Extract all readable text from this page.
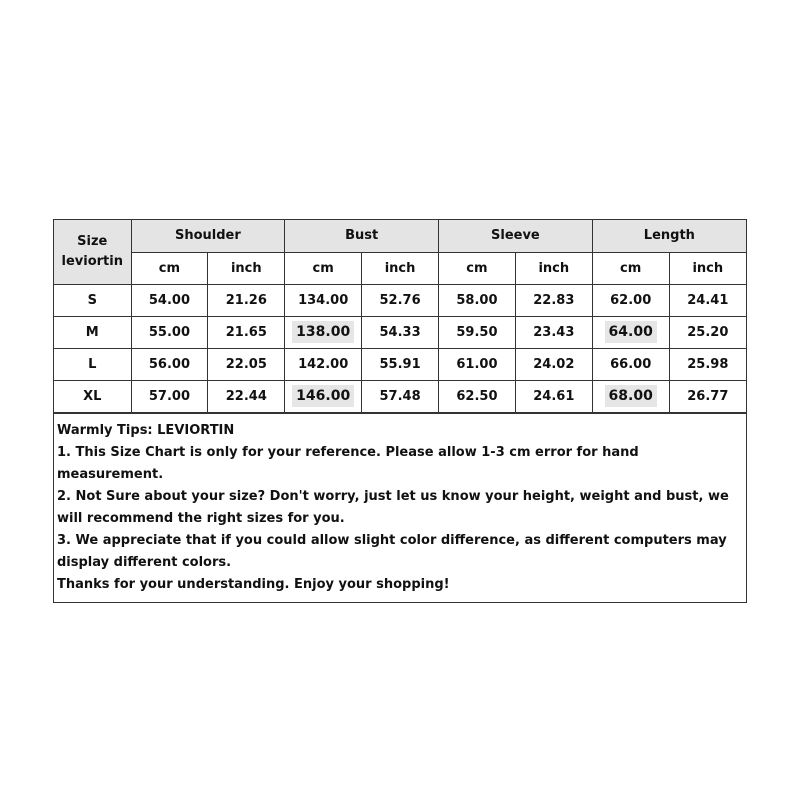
Size
leviortin	Shoulder		Bust		Sleeve		Length	
	cm	inch	cm	inch	cm	inch	cm	inch
S	54.00	21.26	134.00	52.76	58.00	22.83	62.00	24.41
M	55.00	21.65	138.00	54.33	59.50	23.43	64.00	25.20
L	56.00	22.05	142.00	55.91	61.00	24.02	66.00	25.98
XL	57.00	22.44	146.00	57.48	62.50	24.61	68.00	26.77
Warmly Tips: LEVIORTIN
1. This Size Chart is only for your reference. Please allow 1-3 cm error for hand measurement.
2. Not Sure about your size? Don't worry, just let us know your height, weight and bust, we will recommend the right sizes for you.
3. We appreciate that if you could allow slight color difference, as different computers may display different colors.
Thanks for your understanding. Enjoy your shopping!
